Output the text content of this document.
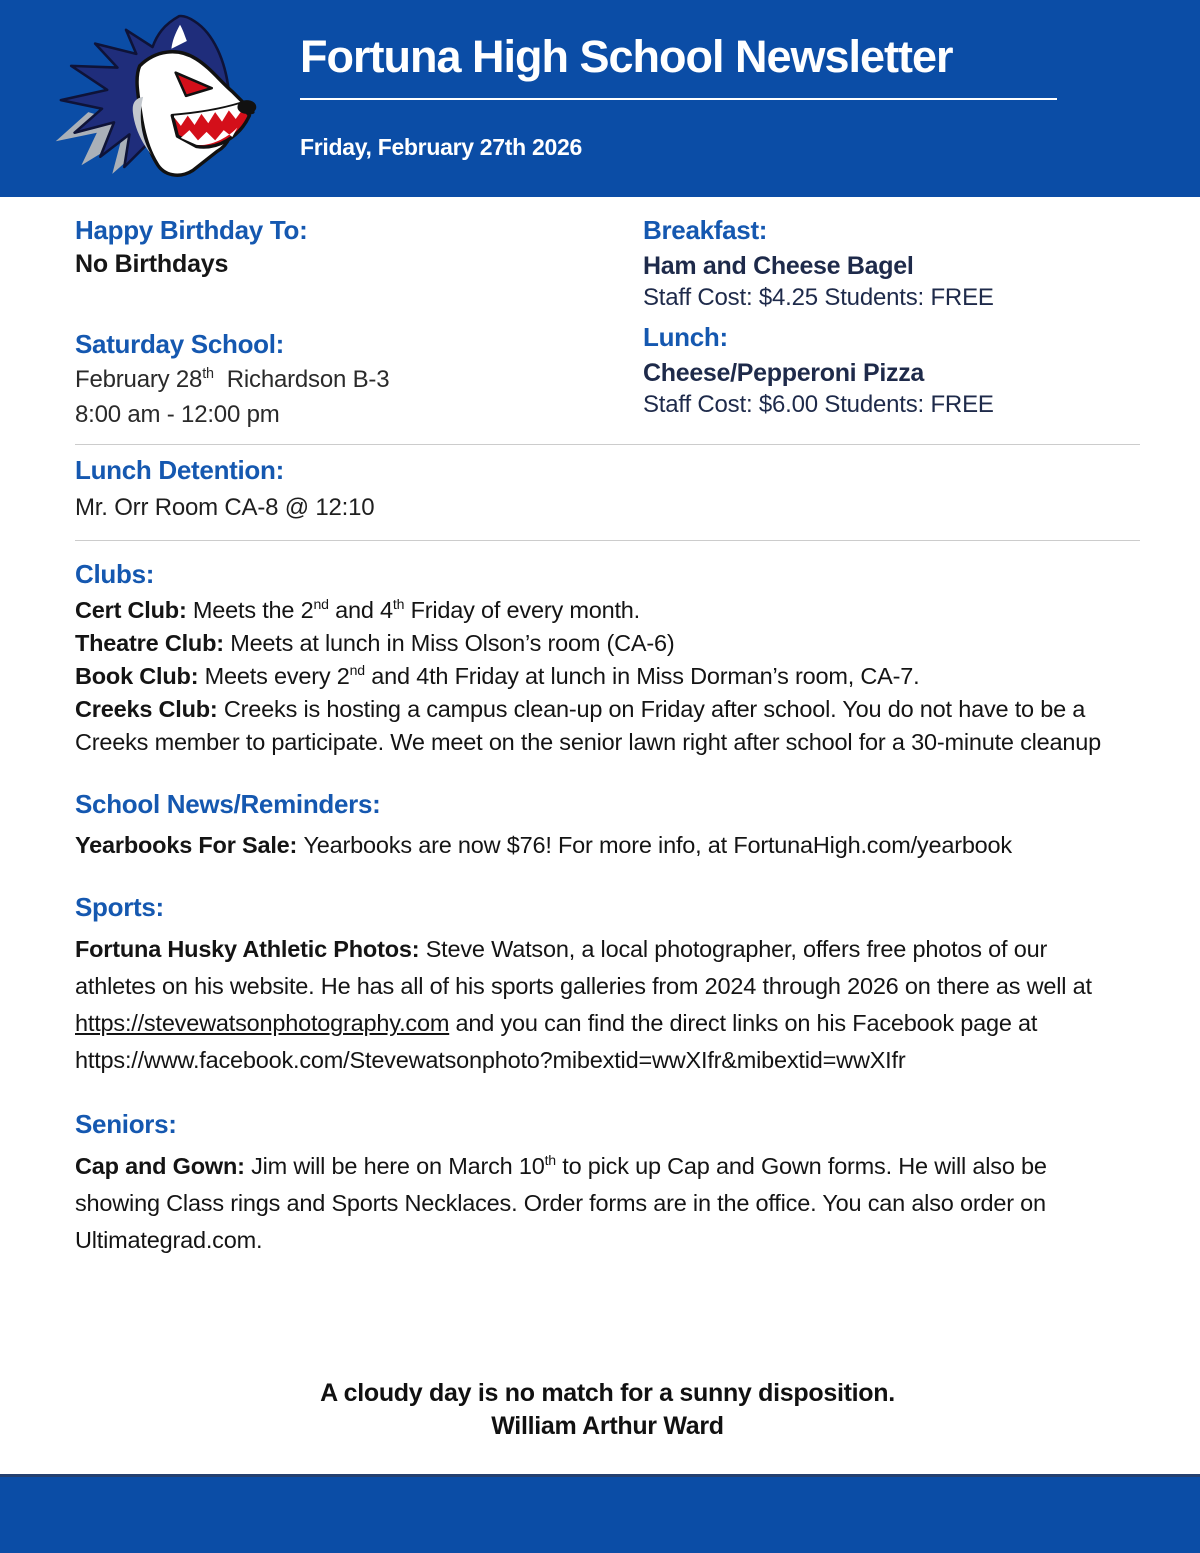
Fortuna High School Newsletter
Friday, February 27th 2026
Happy Birthday To:
No Birthdays
Saturday School:
February 28th  Richardson B-3
8:00 am - 12:00 pm
Breakfast:
Ham and Cheese Bagel
Staff Cost: $4.25 Students: FREE
Lunch:
Cheese/Pepperoni Pizza
Staff Cost: $6.00 Students: FREE
Lunch Detention:
Mr. Orr Room CA-8 @ 12:10
Clubs:
Cert Club: Meets the 2nd and 4th Friday of every month.
Theatre Club: Meets at lunch in Miss Olson’s room (CA-6)
Book Club: Meets every 2nd and 4th Friday at lunch in Miss Dorman’s room, CA-7.
Creeks Club: Creeks is hosting a campus clean-up on Friday after school. You do not have to be a Creeks member to participate. We meet on the senior lawn right after school for a 30-minute cleanup
School News/Reminders:
Yearbooks For Sale: Yearbooks are now $76! For more info, at FortunaHigh.com/yearbook
Sports:
Fortuna Husky Athletic Photos: Steve Watson, a local photographer, offers free photos of our athletes on his website. He has all of his sports galleries from 2024 through 2026 on there as well at https://stevewatsonphotography.com and you can find the direct links on his Facebook page at https://www.facebook.com/Stevewatsonphoto?mibextid=wwXIfr&mibextid=wwXIfr
Seniors:
Cap and Gown: Jim will be here on March 10th to pick up Cap and Gown forms. He will also be showing Class rings and Sports Necklaces. Order forms are in the office. You can also order on Ultimategrad.com.
A cloudy day is no match for a sunny disposition.
William Arthur Ward
